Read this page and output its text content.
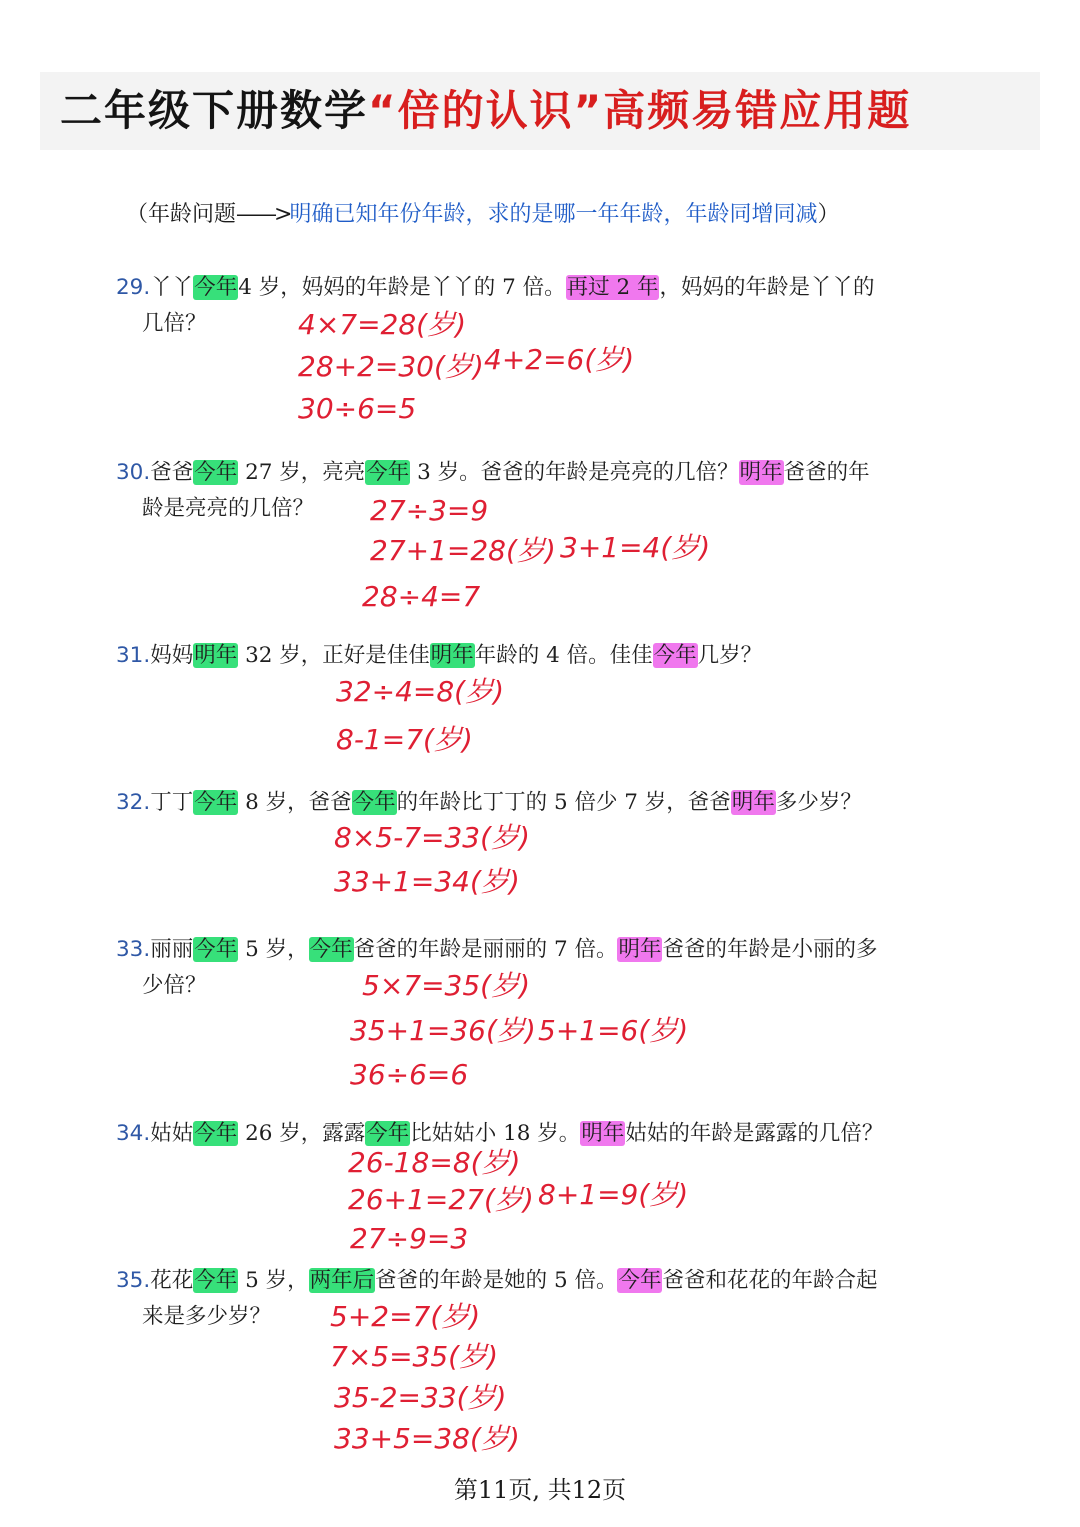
二年级下册数学“倍的认识”高频易错应用题
（年龄问题——>明确已知年份年龄，求的是哪一年年龄，年龄同增同减）
29.丫丫今年4 岁，妈妈的年龄是丫丫的 7 倍。再过 2 年，妈妈的年龄是丫丫的
几倍？	4×7=28(岁)
28+2=30(岁) 4+2=6(岁)
30÷6=5
30.爸爸今年 27 岁，亮亮今年 3 岁。爸爸的年龄是亮亮的几倍？明年爸爸的年
龄是亮亮的几倍？	27÷3=9
27+1=28(岁) 3+1=4(岁)
28÷4=7
31.妈妈明年 32 岁，正好是佳佳明年年龄的 4 倍。佳佳今年几岁？
32÷4=8(岁)
8-1=7(岁)
32.丁丁今年 8 岁，爸爸今年的年龄比丁丁的 5 倍少 7 岁，爸爸明年多少岁？
8×5-7=33(岁)
33+1=34(岁)
33.丽丽今年 5 岁，今年爸爸的年龄是丽丽的 7 倍。明年爸爸的年龄是小丽的多
少倍？	5×7=35(岁)
35+1=36(岁) 5+1=6(岁)
36÷6=6
34.姑姑今年 26 岁，露露今年比姑姑小 18 岁。明年姑姑的年龄是露露的几倍？
26-18=8(岁)
26+1=27(岁) 8+1=9(岁)
27÷9=3
35.花花今年 5 岁，两年后爸爸的年龄是她的 5 倍。今年爸爸和花花的年龄合起
来是多少岁？	5+2=7(岁)
7×5=35(岁)
35-2=33(岁)
33+5=38(岁)
第11页, 共12页
